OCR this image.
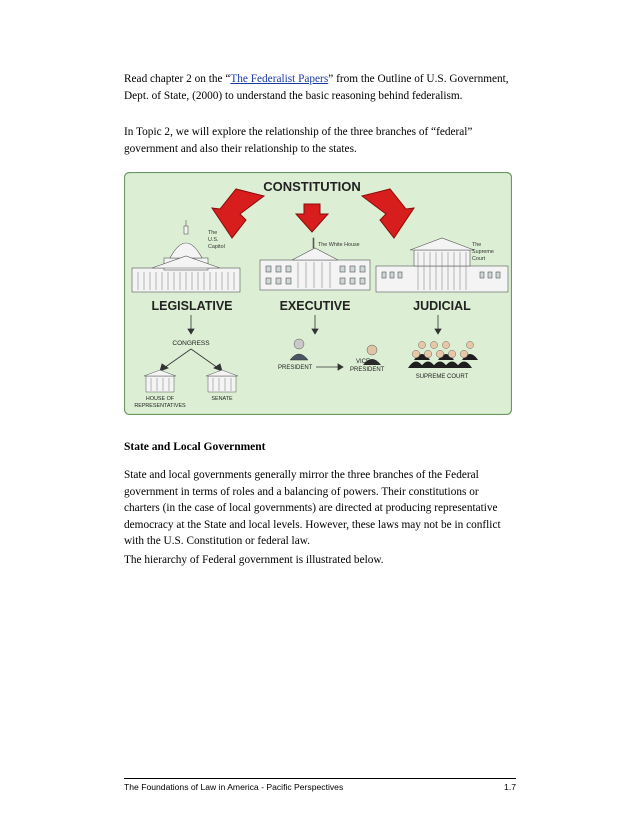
Read chapter 2 on the “The Federalist Papers” from the Outline of U.S. Government, Dept. of State, (2000) to understand the basic reasoning behind federalism.

In Topic 2, we will explore the relationship of the three branches of “federal” government and also their relationship to the states.

CONSTITUTION
The
U.S.
Capitol	The White House	The
Supreme
Court
LEGISLATIVE	EXECUTIVE	JUDICIAL
CONGRESS
HOUSE OF
REPRESENTATIVES
SENATE
PRESIDENT
VICE
PRESIDENT
SUPREME COURT
State and Local Government

State and local governments generally mirror the three branches of the Federal government in terms of roles and a balancing of powers. Their constitutions or charters (in the case of local governments) are directed at producing representative democracy at the State and local levels. However, these laws may not be in conflict with the U.S. Constitution or federal law.

The hierarchy of Federal government is illustrated below.

The Foundations of Law in America - Pacific Perspectives	1.7
